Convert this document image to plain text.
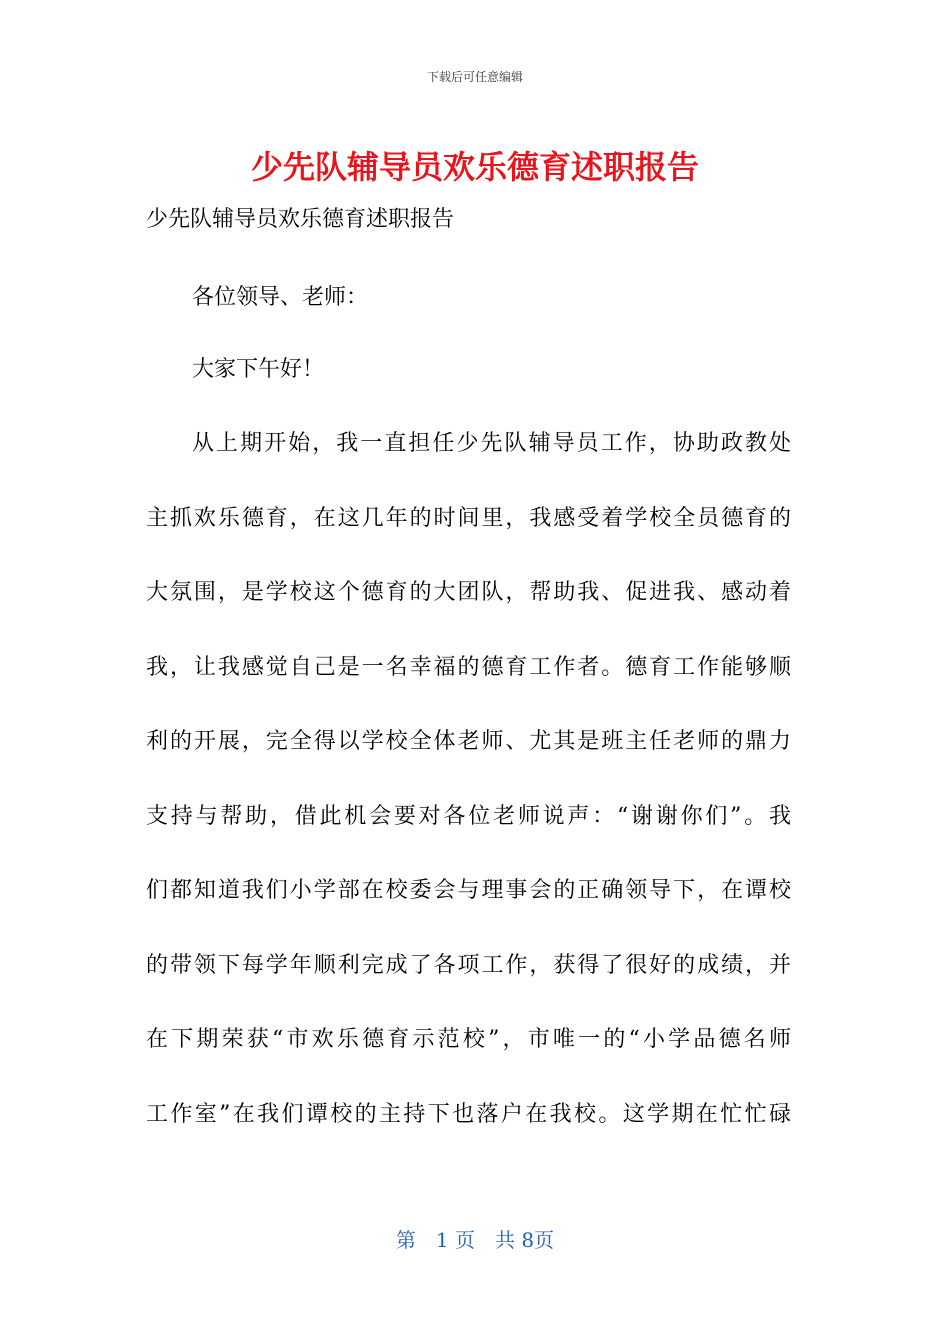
下载后可任意编辑
少先队辅导员欢乐德育述职报告
少先队辅导员欢乐德育述职报告
各位领导、老师：
大家下午好！
从上期开始，我一直担任少先队辅导员工作，协助政教处
主抓欢乐德育，在这几年的时间里，我感受着学校全员德育的
大氛围，是学校这个德育的大团队，帮助我、促进我、感动着
我，让我感觉自己是一名幸福的德育工作者。德育工作能够顺
利的开展，完全得以学校全体老师、尤其是班主任老师的鼎力
支持与帮助，借此机会要对各位老师说声：“谢谢你们”。我
们都知道我们小学部在校委会与理事会的正确领导下，在谭校
的带领下每学年顺利完成了各项工作，获得了很好的成绩，并
在下期荣获“市欢乐德育示范校”，市唯一的“小学品德名师
工作室”在我们谭校的主持下也落户在我校。这学期在忙忙碌
第　1 页　共 8页
